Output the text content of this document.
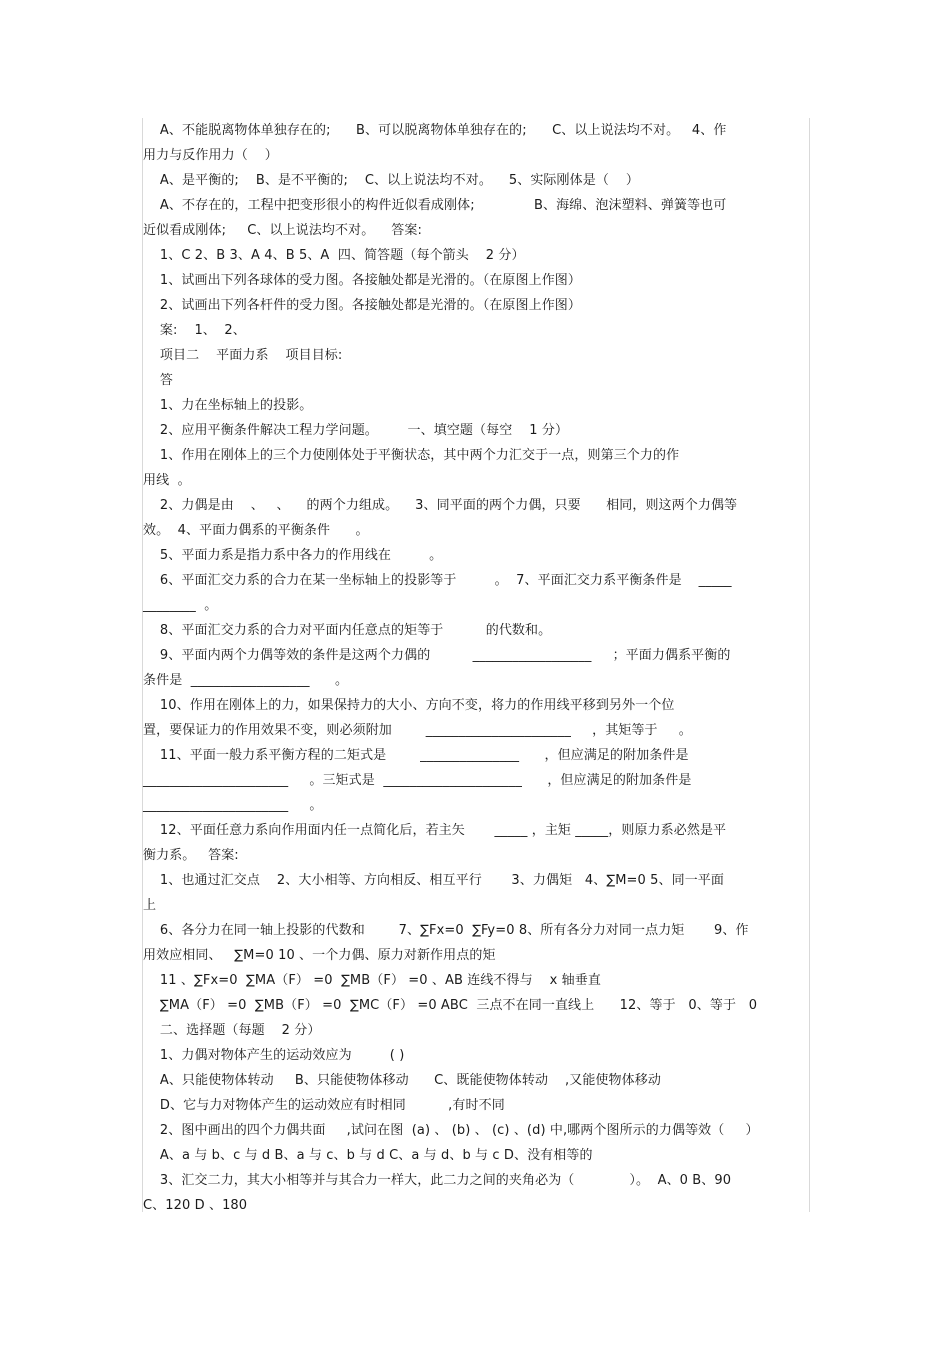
A、不能脱离物体单独存在的;      B、可以脱离物体单独存在的;      C、以上说法均不对。   4、作
用力与反作用力（    ）
A、是平衡的;    B、是不平衡的;    C、以上说法均不对。    5、实际刚体是（    ）
A、不存在的，工程中把变形很小的构件近似看成刚体;              B、海绵、泡沫塑料、弹簧等也可
近似看成刚体;     C、以上说法均不对。    答案:
1、C 2、B 3、A 4、B 5、A  四、简答题（每个箭头    2 分）
1、试画出下列各球体的受力图。各接触处都是光滑的。（在原图上作图）
2、试画出下列各杆件的受力图。各接触处都是光滑的。（在原图上作图）
案:    1、  2、
项目二    平面力系    项目目标:
答
1、力在坐标轴上的投影。
2、应用平衡条件解决工程力学问题。       一、填空题（每空    1 分）
1、作用在刚体上的三个力使刚体处于平衡状态，其中两个力汇交于一点，则第三个力的作
用线  。
2、力偶是由    、   、    的两个力组成。    3、同平面的两个力偶，只要      相同，则这两个力偶等
效。  4、平面力偶系的平衡条件      。
5、平面力系是指力系中各力的作用线在         。
6、平面汇交力系的合力在某一坐标轴上的投影等于         。  7、平面汇交力系平衡条件是    _____
________  。
8、平面汇交力系的合力对平面内任意点的矩等于          的代数和。
9、平面内两个力偶等效的条件是这两个力偶的          __________________     ；平面力偶系平衡的
条件是  __________________      。
10、作用在刚体上的力，如果保持力的大小、方向不变，将力的作用线平移到另外一个位
置，要保证力的作用效果不变，则必须附加        ______________________     ，其矩等于     。
11、平面一般力系平衡方程的二矩式是        _______________      ，但应满足的附加条件是
______________________     。三矩式是  _____________________      ，但应满足的附加条件是
______________________     。
12、平面任意力系向作用面内任一点简化后，若主矢       _____ ，主矩 _____，则原力系必然是平
衡力系。   答案:
1、也通过汇交点    2、大小相等、方向相反、相互平行       3、力偶矩   4、∑M=0 5、同一平面
上
6、各分力在同一轴上投影的代数和        7、∑Fx=0  ∑Fy=0 8、所有各分力对同一点力矩       9、作
用效应相同、   ∑M=0 10 、一个力偶、原力对新作用点的矩
11 、∑Fx=0  ∑MA（F） =0  ∑MB（F） =0 、AB 连线不得与    x 轴垂直
∑MA（F） =0  ∑MB（F） =0  ∑MC（F） =0 ABC  三点不在同一直线上      12、等于   0、等于   0
二、选择题（每题    2 分）
1、力偶对物体产生的运动效应为         ( )
A、只能使物体转动     B、只能使物体移动      C、既能使物体转动    ,又能使物体移动
D、它与力对物体产生的运动效应有时相同          ,有时不同
2、图中画出的四个力偶共面     ,试问在图  (a) 、 (b) 、 (c) 、(d) 中,哪两个图所示的力偶等效（     ）
A、a 与 b、c 与 d B、a 与 c、b 与 d C、a 与 d、b 与 c D、没有相等的
3、汇交二力，其大小相等并与其合力一样大，此二力之间的夹角必为（             ）。  A、0 B、90
C、120 D 、180
